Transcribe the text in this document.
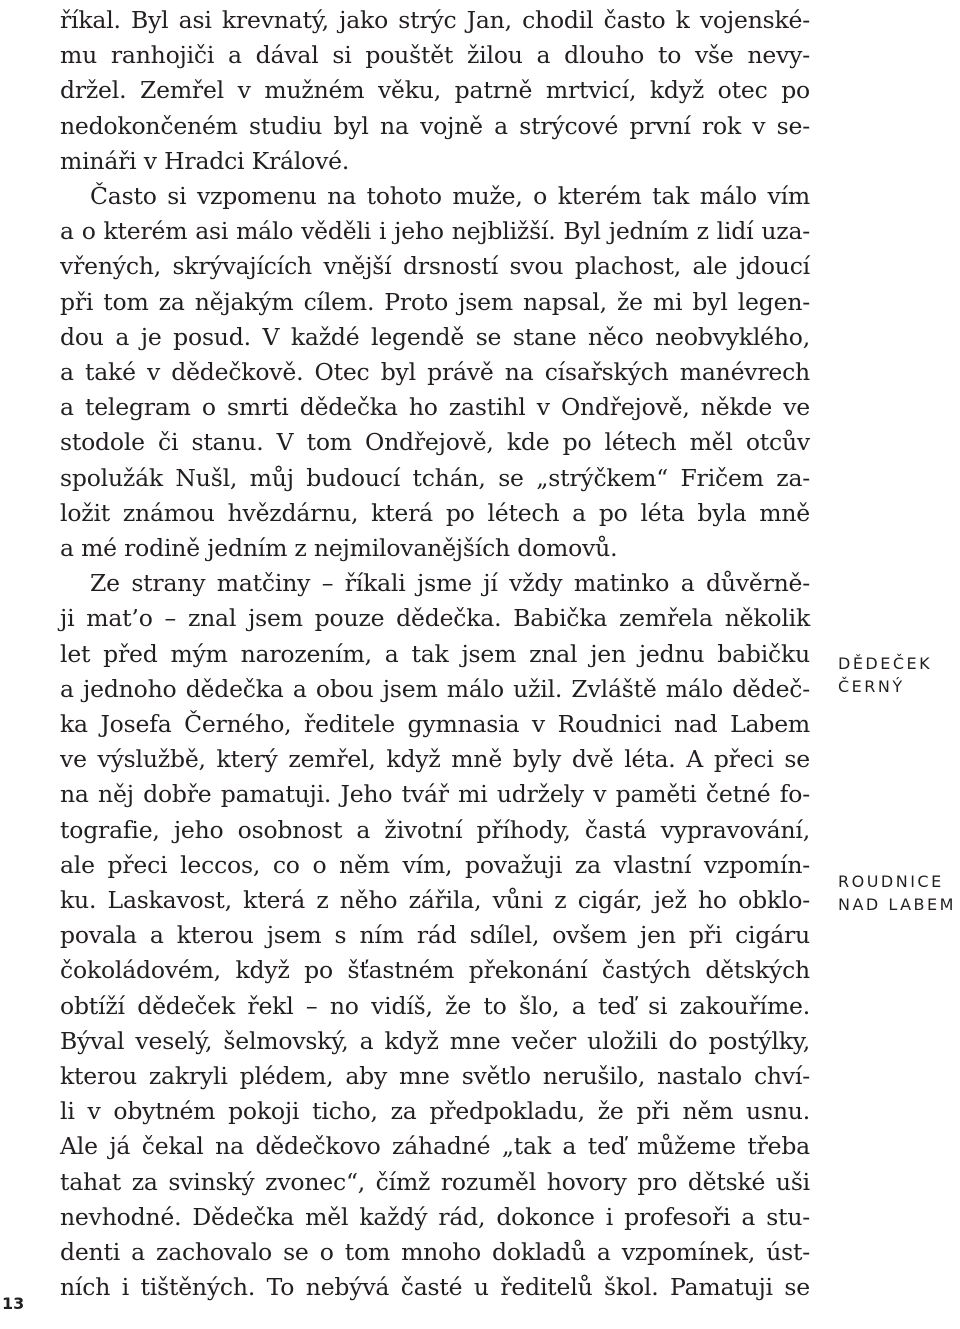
říkal. Byl asi krevnatý, jako strýc Jan, chodil často k vojenské-
mu ranhojiči a dával si pouštět žilou a dlouho to vše nevy-
držel. Zemřel v mužném věku, patrně mrtvicí, když otec po
nedokončeném studiu byl na vojně a strýcové první rok v se-
mináři v Hradci Králové.
Často si vzpomenu na tohoto muže, o kterém tak málo vím
a o kterém asi málo věděli i jeho nejbližší. Byl jedním z lidí uza-
vřených, skrývajících vnější drsností svou plachost, ale jdoucí
při tom za nějakým cílem. Proto jsem napsal, že mi byl legen-
dou a je posud. V každé legendě se stane něco neobvyklého,
a také v dědečkově. Otec byl právě na císařských manévrech
a telegram o smrti dědečka ho zastihl v Ondřejově, někde ve
stodole či stanu. V tom Ondřejově, kde po létech měl otcův
spolužák Nušl, můj budoucí tchán, se „strýčkem“ Fričem za-
ložit známou hvězdárnu, která po létech a po léta byla mně
a mé rodině jedním z nejmilovanějších domovů.
Ze strany matčiny – říkali jsme jí vždy matinko a důvěrně-
ji mat’o – znal jsem pouze dědečka. Babička zemřela několik
let před mým narozením, a tak jsem znal jen jednu babičku
a jednoho dědečka a obou jsem málo užil. Zvláště málo dědeč-
ka Josefa Černého, ředitele gymnasia v Roudnici nad Labem
ve výslužbě, který zemřel, když mně byly dvě léta. A přeci se
na něj dobře pamatuji. Jeho tvář mi udržely v paměti četné fo-
tografie, jeho osobnost a životní příhody, častá vypravování,
ale přeci leccos, co o něm vím, považuji za vlastní vzpomín-
ku. Laskavost, která z něho zářila, vůni z cigár, jež ho obklo-
povala a kterou jsem s ním rád sdílel, ovšem jen při cigáru
čokoládovém, když po šťastném překonání častých dětských
obtíží dědeček řekl – no vidíš, že to šlo, a teď si zakouříme.
Býval veselý, šelmovský, a když mne večer uložili do postýlky,
kterou zakryli plédem, aby mne světlo nerušilo, nastalo chví-
li v obytném pokoji ticho, za předpokladu, že při něm usnu.
Ale já čekal na dědečkovo záhadné „tak a teď můžeme třeba
tahat za svinský zvonec“, čímž rozuměl hovory pro dětské uši
nevhodné. Dědečka měl každý rád, dokonce i profesoři a stu-
denti a zachovalo se o tom mnoho dokladů a vzpomínek, úst-
ních i tištěných. To nebývá časté u ředitelů škol. Pamatuji se
DĚDEČEK
ČERNÝ
ROUDNICE
NAD LABEM
13
